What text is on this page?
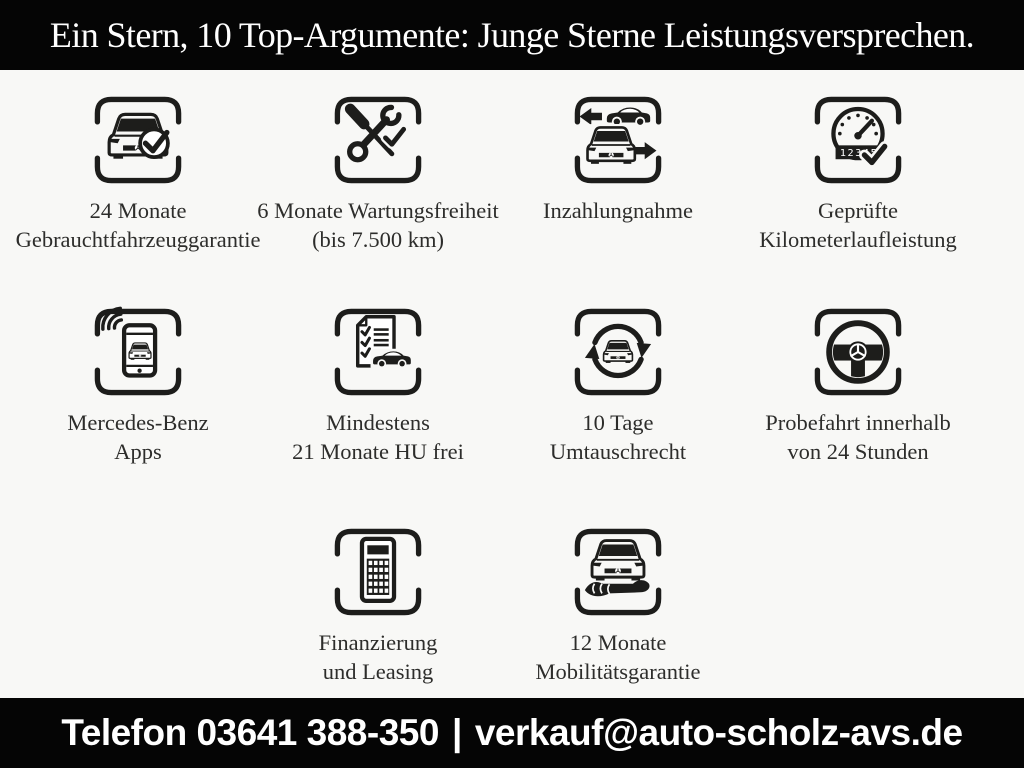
Ein Stern, 10 Top-Argumente: Junge Sterne Leistungsversprechen.
24 Monate
Gebrauchtfahrzeuggarantie
6 Monate Wartungsfreiheit
(bis 7.500 km)
Inzahlungnahme
12345
Geprüfte
Kilometerlaufleistung
Mercedes-Benz
Apps
Mindestens
21 Monate HU frei
10 Tage
Umtauschrecht
Probefahrt innerhalb
von 24 Stunden
Finanzierung
und Leasing
12 Monate
Mobilitätsgarantie
Telefon 03641 388-350 | verkauf@auto-scholz-avs.de
